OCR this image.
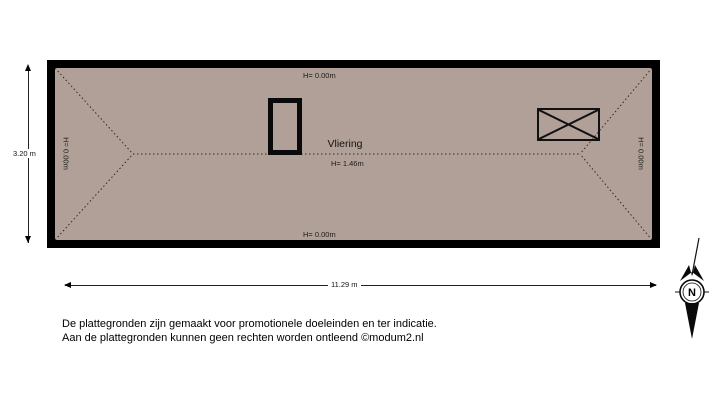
H= 0.00m
Vliering
H= 1.46m
H= 0.00m
H= 0.00m	H= 0.00m
3.20 m
11.29 m
N
De plattegronden zijn gemaakt voor promotionele doeleinden en ter indicatie.
Aan de plattegronden kunnen geen rechten worden ontleend ©modum2.nl
